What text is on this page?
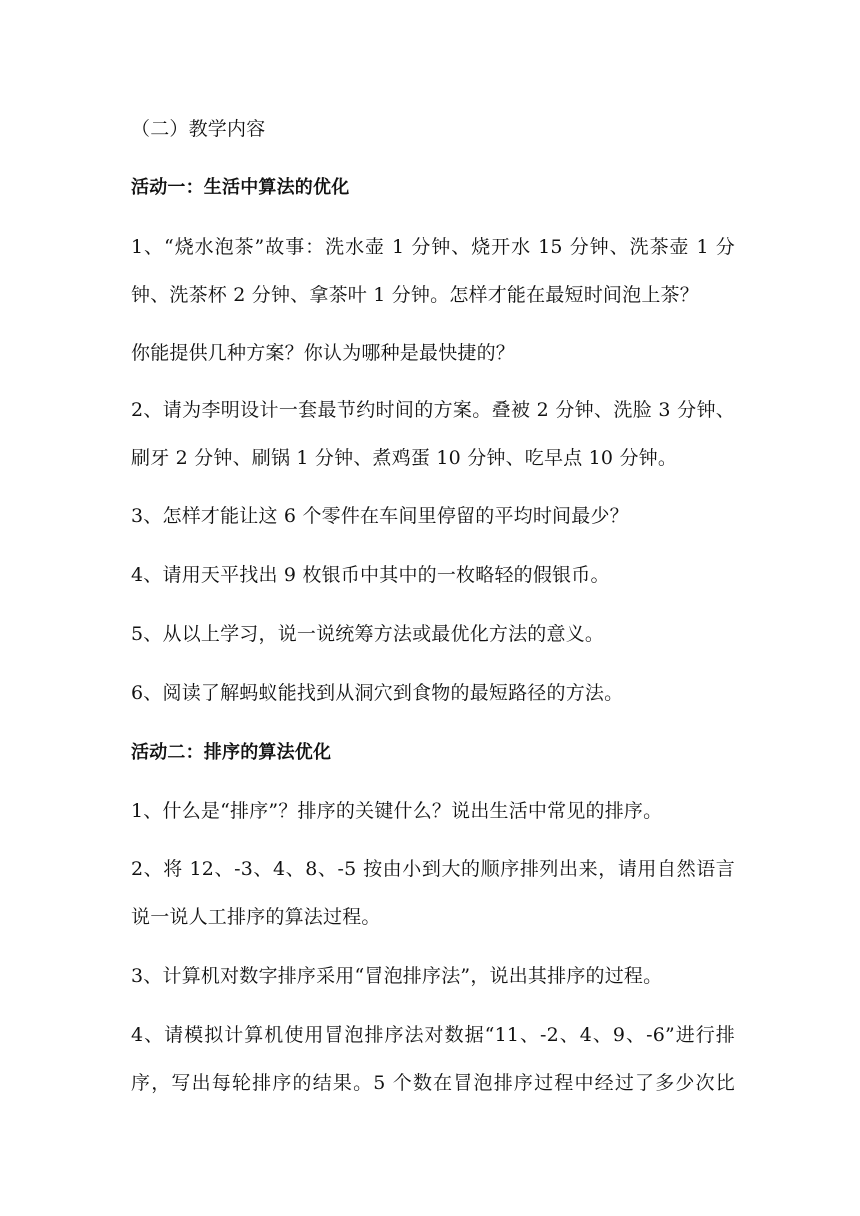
（二）教学内容
活动一：生活中算法的优化
1、“烧水泡茶”故事：洗水壶 1 分钟、烧开水 15 分钟、洗茶壶 1 分
钟、洗茶杯 2 分钟、拿茶叶 1 分钟。怎样才能在最短时间泡上茶？
你能提供几种方案？你认为哪种是最快捷的？
2、请为李明设计一套最节约时间的方案。叠被 2 分钟、洗脸 3 分钟、
刷牙 2 分钟、刷锅 1 分钟、煮鸡蛋 10 分钟、吃早点 10 分钟。
3、怎样才能让这 6 个零件在车间里停留的平均时间最少？
4、请用天平找出 9 枚银币中其中的一枚略轻的假银币。
5、从以上学习，说一说统筹方法或最优化方法的意义。
6、阅读了解蚂蚁能找到从洞穴到食物的最短路径的方法。
活动二：排序的算法优化
1、什么是“排序”？排序的关键什么？说出生活中常见的排序。
2、将 12、-3、4、8、-5 按由小到大的顺序排列出来，请用自然语言
说一说人工排序的算法过程。
3、计算机对数字排序采用“冒泡排序法”，说出其排序的过程。
4、请模拟计算机使用冒泡排序法对数据“11、-2、4、9、-6”进行排
序，写出每轮排序的结果。5 个数在冒泡排序过程中经过了多少次比
